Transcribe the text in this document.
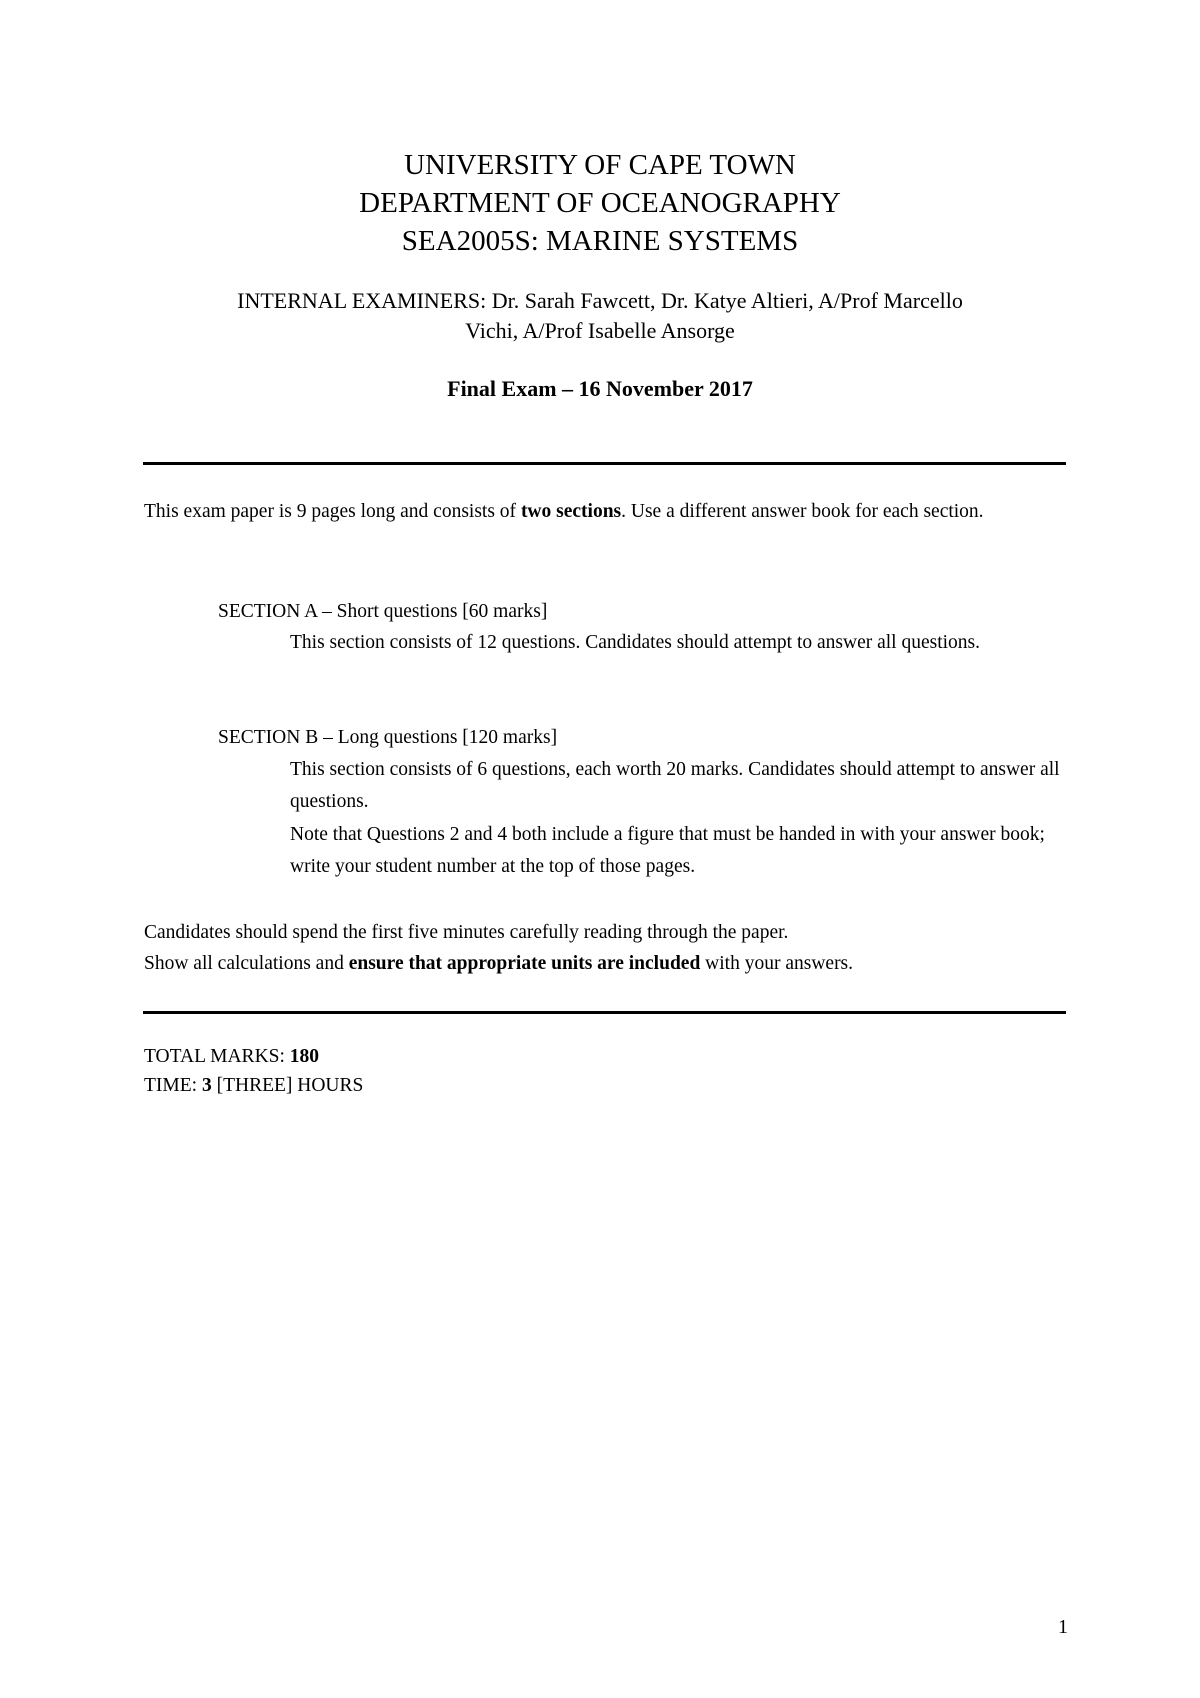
UNIVERSITY OF CAPE TOWN
DEPARTMENT OF OCEANOGRAPHY
SEA2005S: MARINE SYSTEMS
INTERNAL EXAMINERS: Dr. Sarah Fawcett, Dr. Katye Altieri, A/Prof Marcello
Vichi, A/Prof Isabelle Ansorge
Final Exam – 16 November 2017
This exam paper is 9 pages long and consists of two sections. Use a different answer book for each section.
SECTION A – Short questions [60 marks]
This section consists of 12 questions. Candidates should attempt to answer all questions.
SECTION B – Long questions [120 marks]
This section consists of 6 questions, each worth 20 marks. Candidates should attempt to answer all questions.
Note that Questions 2 and 4 both include a figure that must be handed in with your answer book; write your student number at the top of those pages.
Candidates should spend the first five minutes carefully reading through the paper.
Show all calculations and ensure that appropriate units are included with your answers.
TOTAL MARKS: 180
TIME: 3 [THREE] HOURS
1
